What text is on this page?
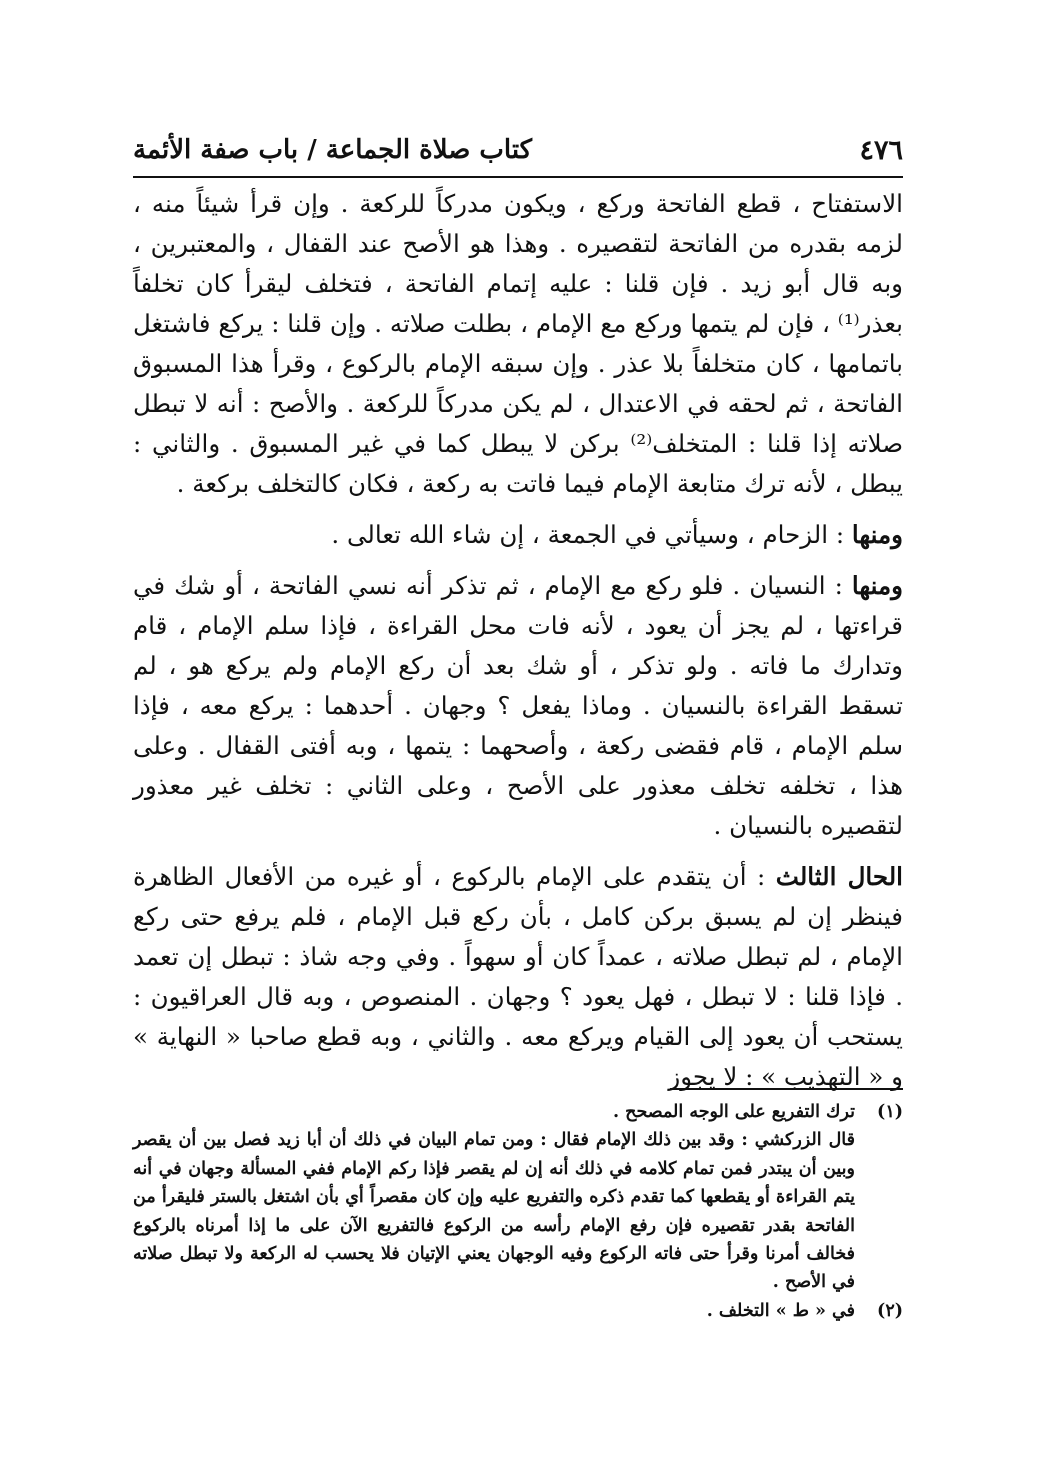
٤٧٦
كتاب صلاة الجماعة / باب صفة الأئمة

الاستفتاح ، قطع الفاتحة وركع ، ويكون مدركاً للركعة . وإن قرأ شيئاً منه ، لزمه بقدره من الفاتحة لتقصيره . وهذا هو الأصح عند القفال ، والمعتبرين ، وبه قال أبو زيد . فإن قلنا : عليه إتمام الفاتحة ، فتخلف ليقرأ كان تخلفاً بعذر⁽¹⁾ ، فإن لم يتمها وركع مع الإمام ، بطلت صلاته . وإن قلنا : يركع فاشتغل باتمامها ، كان متخلفاً بلا عذر . وإن سبقه الإمام بالركوع ، وقرأ هذا المسبوق الفاتحة ، ثم لحقه في الاعتدال ، لم يكن مدركاً للركعة . والأصح : أنه لا تبطل صلاته إذا قلنا : المتخلف⁽²⁾ بركن لا يبطل كما في غير المسبوق . والثاني : يبطل ، لأنه ترك متابعة الإمام فيما فاتت به ركعة ، فكان كالتخلف بركعة .

ومنها : الزحام ، وسيأتي في الجمعة ، إن شاء الله تعالى .

ومنها : النسيان . فلو ركع مع الإمام ، ثم تذكر أنه نسي الفاتحة ، أو شك في قراءتها ، لم يجز أن يعود ، لأنه فات محل القراءة ، فإذا سلم الإمام ، قام وتدارك ما فاته . ولو تذكر ، أو شك بعد أن ركع الإمام ولم يركع هو ، لم تسقط القراءة بالنسيان . وماذا يفعل ؟ وجهان . أحدهما : يركع معه ، فإذا سلم الإمام ، قام فقضى ركعة ، وأصحهما : يتمها ، وبه أفتى القفال . وعلى هذا ، تخلفه تخلف معذور على الأصح ، وعلى الثاني : تخلف غير معذور لتقصيره بالنسيان .

الحال الثالث : أن يتقدم على الإمام بالركوع ، أو غيره من الأفعال الظاهرة فينظر إن لم يسبق بركن كامل ، بأن ركع قبل الإمام ، فلم يرفع حتى ركع الإمام ، لم تبطل صلاته ، عمداً كان أو سهواً . وفي وجه شاذ : تبطل إن تعمد . فإذا قلنا : لا تبطل ، فهل يعود ؟ وجهان . المنصوص ، وبه قال العراقيون : يستحب أن يعود إلى القيام ويركع معه . والثاني ، وبه قطع صاحبا « النهاية » و « التهذيب » : لا يجوز

(١)ترك التفريع على الوجه المصحح .

قال الزركشي : وقد بين ذلك الإمام فقال : ومن تمام البيان في ذلك أن أبا زيد فصل بين أن يقصر وبين أن يبتدر فمن تمام كلامه في ذلك أنه إن لم يقصر فإذا ركم الإمام ففي المسألة وجهان في أنه يتم القراءة أو يقطعها كما تقدم ذكره والتفريع عليه وإن كان مقصراً أي بأن اشتغل بالستر فليقرأ من الفاتحة بقدر تقصيره فإن رفع الإمام رأسه من الركوع فالتفريع الآن على ما إذا أمرناه بالركوع فخالف أمرنا وقرأ حتى فاته الركوع وفيه الوجهان يعني الإتيان فلا يحسب له الركعة ولا تبطل صلاته في الأصح .

(٢)في « ط » التخلف .
